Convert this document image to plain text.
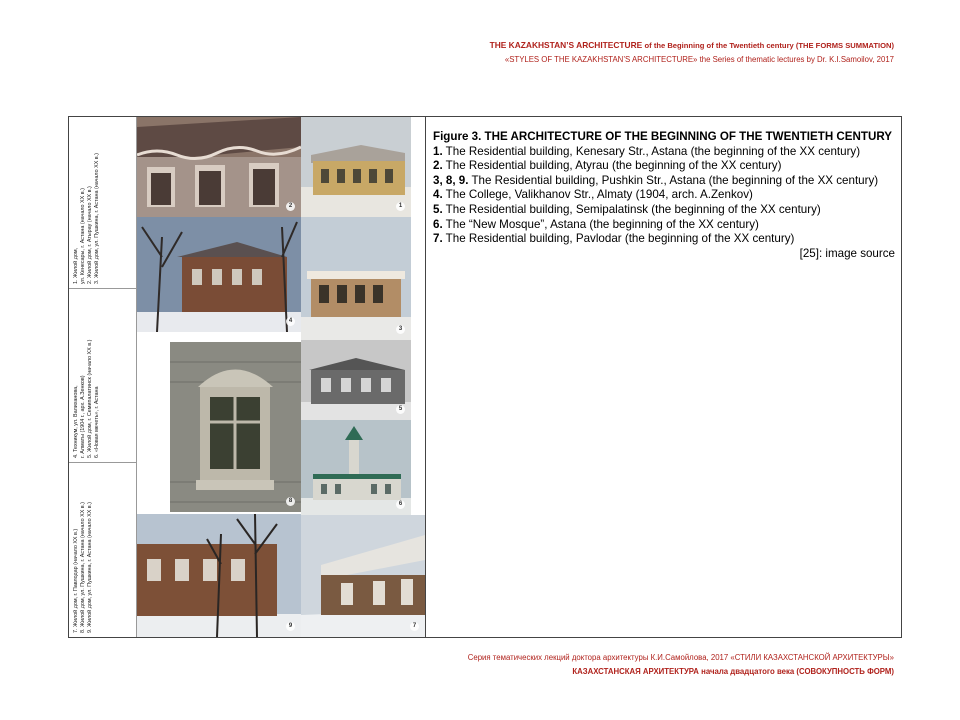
THE KAZAKHSTAN’S ARCHITECTURE of the Beginning of the Twentieth century (THE FORMS SUMMATION)
«STYLES OF THE KAZAKHSTAN’S ARCHITECTURE» the Series of thematic lectures by Dr. K.I.Samoilov, 2017
1. Жилой дом, ул. Кенесары, г. Астана (начало XX в.) 2. Жилой дом, г. Атырау (начало XX в.) 3. Жилой дом, ул. Пушкина, г. Астана (начало XX в.)
4. Техникум, ул. Валиханова, г. Алматы (1904 г., арх. А.Зенков) 5. Жилой дом, г. Семипалатинск (начало XX в.) 6. «Новая мечеть», г. Астана
7. Жилой дом, г. Павлодар (начало XX в.) 8. Жилой дом, ул. Пушкина, г. Астана (начало XX в.) 9. Жилой дом, ул. Пушкина, г. Астана (начало XX в.)
2	1
4
3
8
5
6
9	7

Figure 3. THE ARCHITECTURE OF THE BEGINNING OF THE TWENTIETH CENTURY

1. The Residential building, Kenesary Str., Astana (the beginning of the XX century)

2. The Residential building, Atyrau (the beginning of the XX century)

3, 8, 9. The Residential building, Pushkin Str., Astana (the beginning of the XX century)

4. The College, Valikhanov Str., Almaty (1904, arch. A.Zenkov)

5. The Residential building, Semipalatinsk (the beginning of the XX century)

6. The “New Mosque”, Astana (the beginning of the XX century)

7. The Residential building, Pavlodar (the beginning of the XX century)

[25]: image source

Серия тематических лекций доктора архитектуры К.И.Самойлова, 2017 «СТИЛИ КАЗАХСТАНСКОЙ АРХИТЕКТУРЫ»
КАЗАХСТАНСКАЯ АРХИТЕКТУРА начала двадцатого века (СОВОКУПНОСТЬ ФОРМ)
